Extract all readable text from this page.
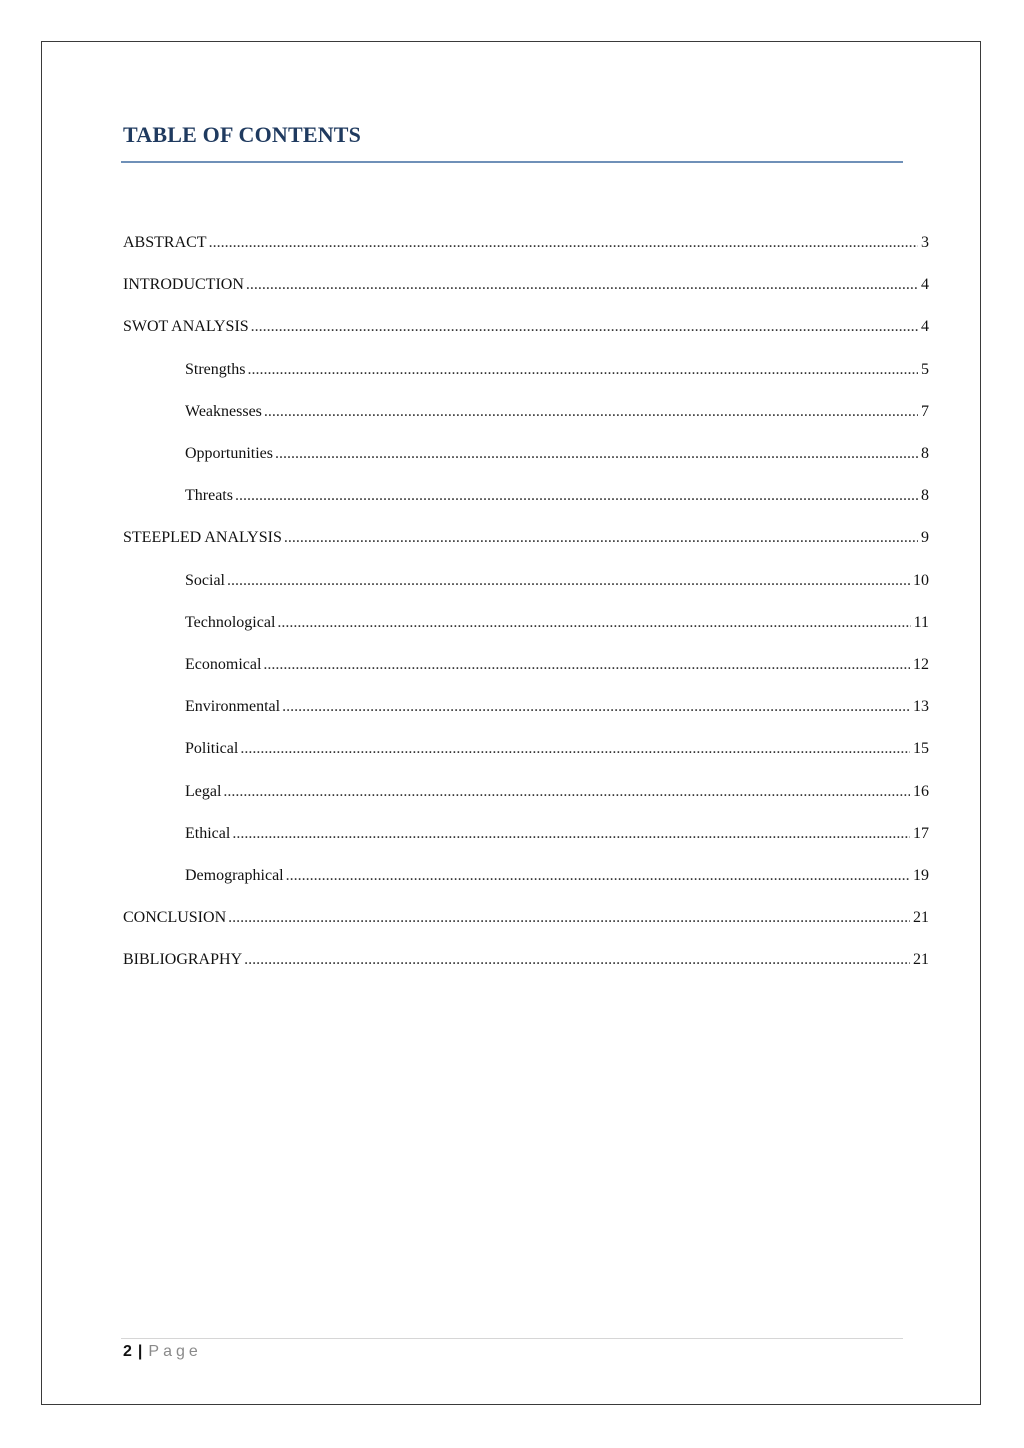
TABLE OF CONTENTS
ABSTRACT .....	3
INTRODUCTION .....	4
SWOT ANALYSIS .....	4
Strengths .....	5
Weaknesses .....	7
Opportunities .....	8
Threats .....	8
STEEPLED ANALYSIS .....	9
Social .....	10
Technological .....	11
Economical .....	12
Environmental .....	13
Political .....	15
Legal .....	16
Ethical .....	17
Demographical .....	19
CONCLUSION .....	21
BIBLIOGRAPHY .....	21
2 | Page
